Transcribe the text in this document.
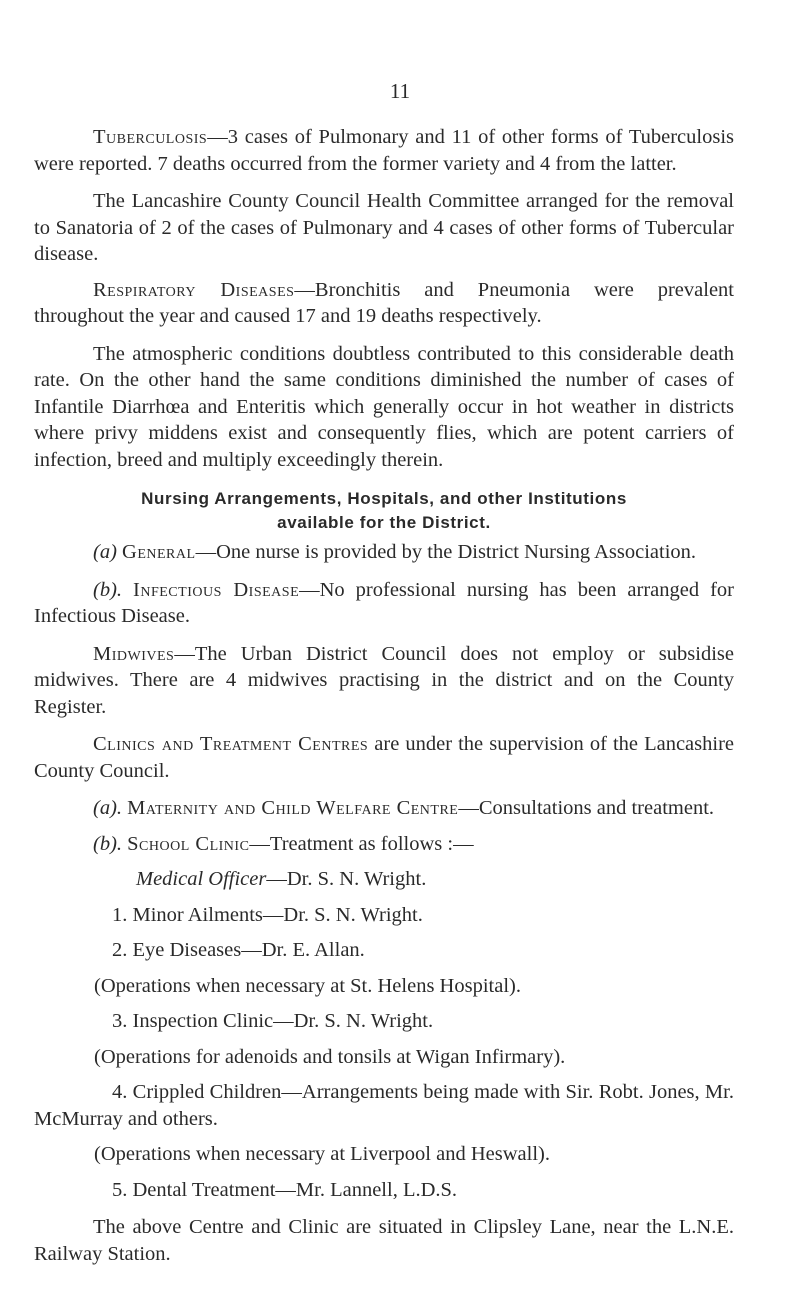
11

Tuberculosis—3 cases of Pulmonary and 11 of other forms of Tuberculosis were reported. 7 deaths occurred from the former variety and 4 from the latter.

The Lancashire County Council Health Committee arranged for the removal to Sanatoria of 2 of the cases of Pulmonary and 4 cases of other forms of Tubercular disease.

Respiratory Diseases—Bronchitis and Pneumonia were prevalent throughout the year and caused 17 and 19 deaths respectively.

The atmospheric conditions doubtless contributed to this considerable death rate. On the other hand the same conditions diminished the number of cases of Infantile Diarrhœa and Enteritis which generally occur in hot weather in districts where privy middens exist and consequently flies, which are potent carriers of infection, breed and multiply exceedingly therein.

Nursing Arrangements, Hospitals, and other Institutions
available for the District.

(a) General—One nurse is provided by the District Nursing Association.

(b). Infectious Disease—No professional nursing has been arranged for Infectious Disease.

Midwives—The Urban District Council does not employ or subsidise midwives. There are 4 midwives practising in the district and on the County Register.

Clinics and Treatment Centres are under the supervision of the Lancashire County Council.

(a). Maternity and Child Welfare Centre—Consultations and treatment.

(b). School Clinic—Treatment as follows :—

Medical Officer—Dr. S. N. Wright.

1. Minor Ailments—Dr. S. N. Wright.

2. Eye Diseases—Dr. E. Allan.

(Operations when necessary at St. Helens Hospital).

3. Inspection Clinic—Dr. S. N. Wright.

(Operations for adenoids and tonsils at Wigan Infirmary).

4. Crippled Children—Arrangements being made with Sir. Robt. Jones, Mr. McMurray and others.

(Operations when necessary at Liverpool and Heswall).

5. Dental Treatment—Mr. Lannell, L.D.S.

The above Centre and Clinic are situated in Clipsley Lane, near the L.N.E. Railway Station.
